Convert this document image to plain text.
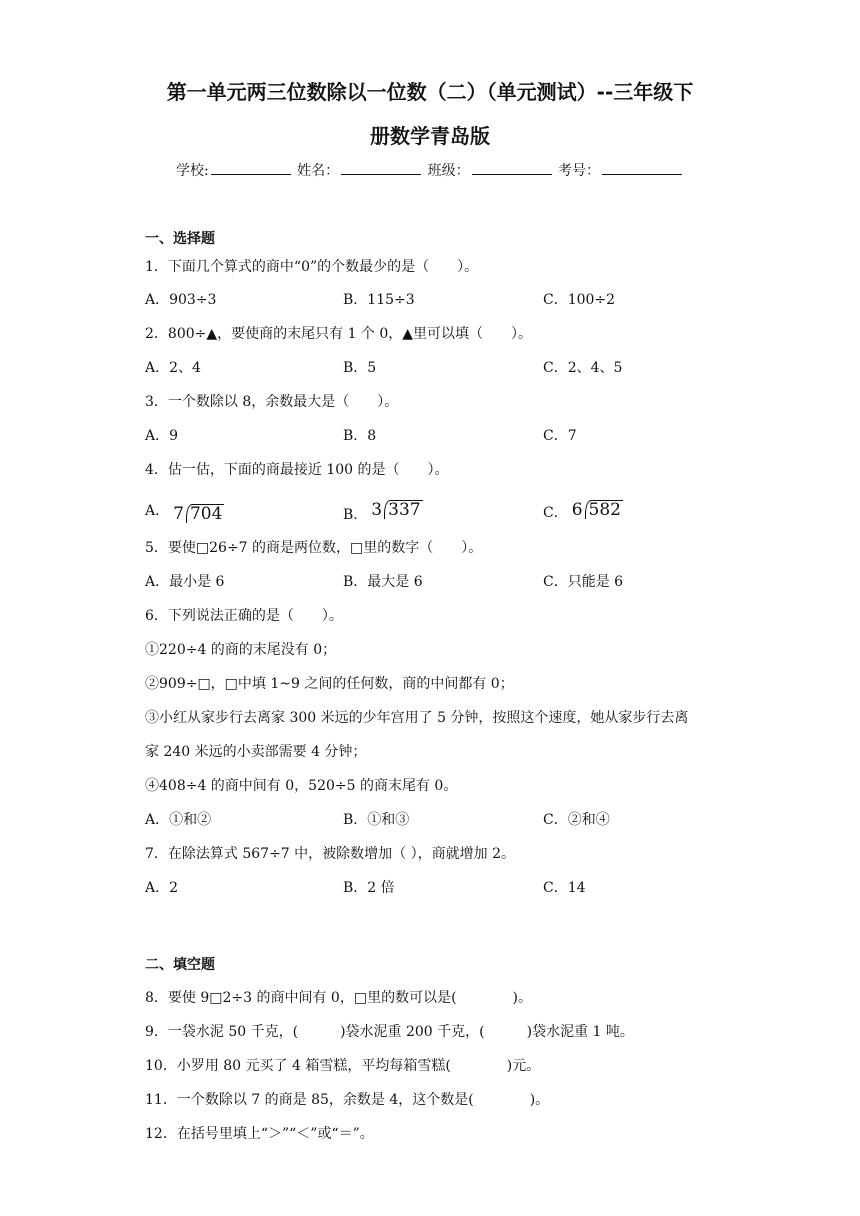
第一单元两三位数除以一位数（二）（单元测试）--三年级下
册数学青岛版
学校:	姓名：	班级：	考号：
一、选择题
1．下面几个算式的商中“0”的个数最少的是（　　）。
A．903÷3	B．115÷3	C．100÷2
2．800÷▲，要使商的末尾只有 1 个 0，▲里可以填（　　）。
A．2、4	B．5	C．2、4、5
3．一个数除以 8，余数最大是（　　）。
A．9	B．8	C．7
4．估一估，下面的商最接近 100 的是（　　）。
A． 7 704	B． 3 337	C． 6 582
5．要使□26÷7 的商是两位数，□里的数字（　　）。
A．最小是 6	B．最大是 6	C．只能是 6
6．下列说法正确的是（　　）。
①220÷4 的商的末尾没有 0；
②909÷□，□中填 1~9 之间的任何数，商的中间都有 0；
③小红从家步行去离家 300 米远的少年宫用了 5 分钟，按照这个速度，她从家步行去离
家 240 米远的小卖部需要 4 分钟；
④408÷4 的商中间有 0，520÷5 的商末尾有 0。
A．①和②	B．①和③	C．②和④
7．在除法算式 567÷7 中，被除数增加（ ），商就增加 2。
A．2	B．2 倍	C．14
二、填空题
8．要使 9□2÷3 的商中间有 0，□里的数可以是(　　　　)。
9．一袋水泥 50 千克，(　　　)袋水泥重 200 千克，(　　　)袋水泥重 1 吨。
10．小罗用 80 元买了 4 箱雪糕，平均每箱雪糕(　　　　)元。
11．一个数除以 7 的商是 85，余数是 4，这个数是(　　　　)。
12．在括号里填上“＞”“＜”或“＝”。
